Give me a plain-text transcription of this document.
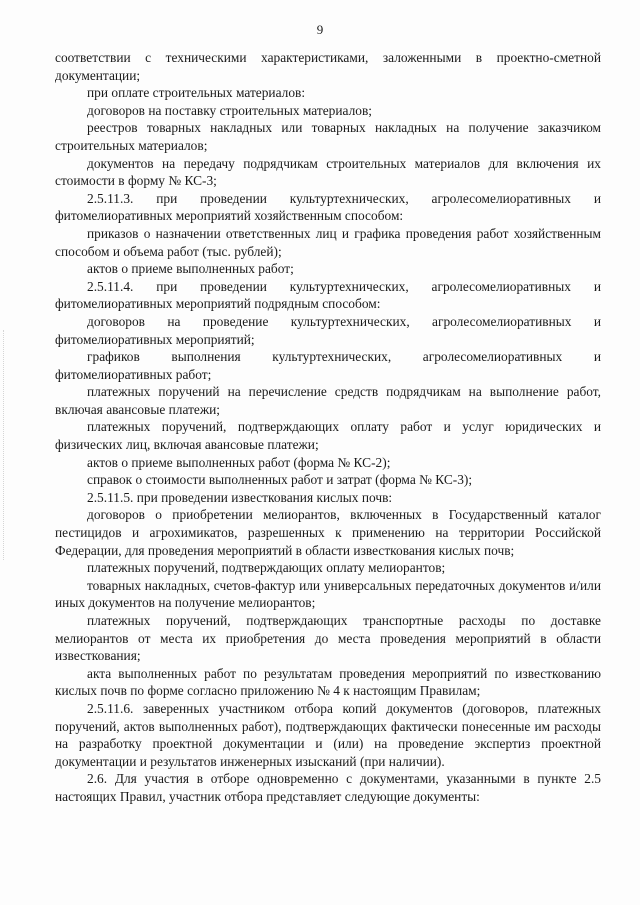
9

соответствии с техническими характеристиками, заложенными в проектно-сметной документации;

при оплате строительных материалов:

договоров на поставку строительных материалов;

реестров товарных накладных или товарных накладных на получение заказчиком строительных материалов;

документов на передачу подрядчикам строительных материалов для включения их стоимости в форму № КС-3;

2.5.11.3. при проведении культуртехнических, агролесомелиоративных и фитомелиоративных мероприятий хозяйственным способом:

приказов о назначении ответственных лиц и графика проведения работ хозяйственным способом и объема работ (тыс. рублей);

актов о приеме выполненных работ;

2.5.11.4. при проведении культуртехнических, агролесомелиоративных и фитомелиоративных мероприятий подрядным способом:

договоров на проведение культуртехнических, агролесомелиоративных и фитомелиоративных мероприятий;

графиков выполнения культуртехнических, агролесомелиоративных и фитомелиоративных работ;

платежных поручений на перечисление средств подрядчикам на выполнение работ, включая авансовые платежи;

платежных поручений, подтверждающих оплату работ и услуг юридических и физических лиц, включая авансовые платежи;

актов о приеме выполненных работ (форма № КС-2);

справок о стоимости выполненных работ и затрат (форма № КС-3);

2.5.11.5. при проведении известкования кислых почв:

договоров о приобретении мелиорантов, включенных в Государственный каталог пестицидов и агрохимикатов, разрешенных к применению на территории Российской Федерации, для проведения мероприятий в области известкования кислых почв;

платежных поручений, подтверждающих оплату мелиорантов;

товарных накладных, счетов-фактур или универсальных передаточных документов и/или иных документов на получение мелиорантов;

платежных поручений, подтверждающих транспортные расходы по доставке мелиорантов от места их приобретения до места проведения мероприятий в области известкования;

акта выполненных работ по результатам проведения мероприятий по известкованию кислых почв по форме согласно приложению № 4 к настоящим Правилам;

2.5.11.6. заверенных участником отбора копий документов (договоров, платежных поручений, актов выполненных работ), подтверждающих фактически понесенные им расходы на разработку проектной документации и (или) на проведение экспертиз проектной документации и результатов инженерных изысканий (при наличии).

2.6. Для участия в отборе одновременно с документами, указанными в пункте 2.5 настоящих Правил, участник отбора представляет следующие документы:
